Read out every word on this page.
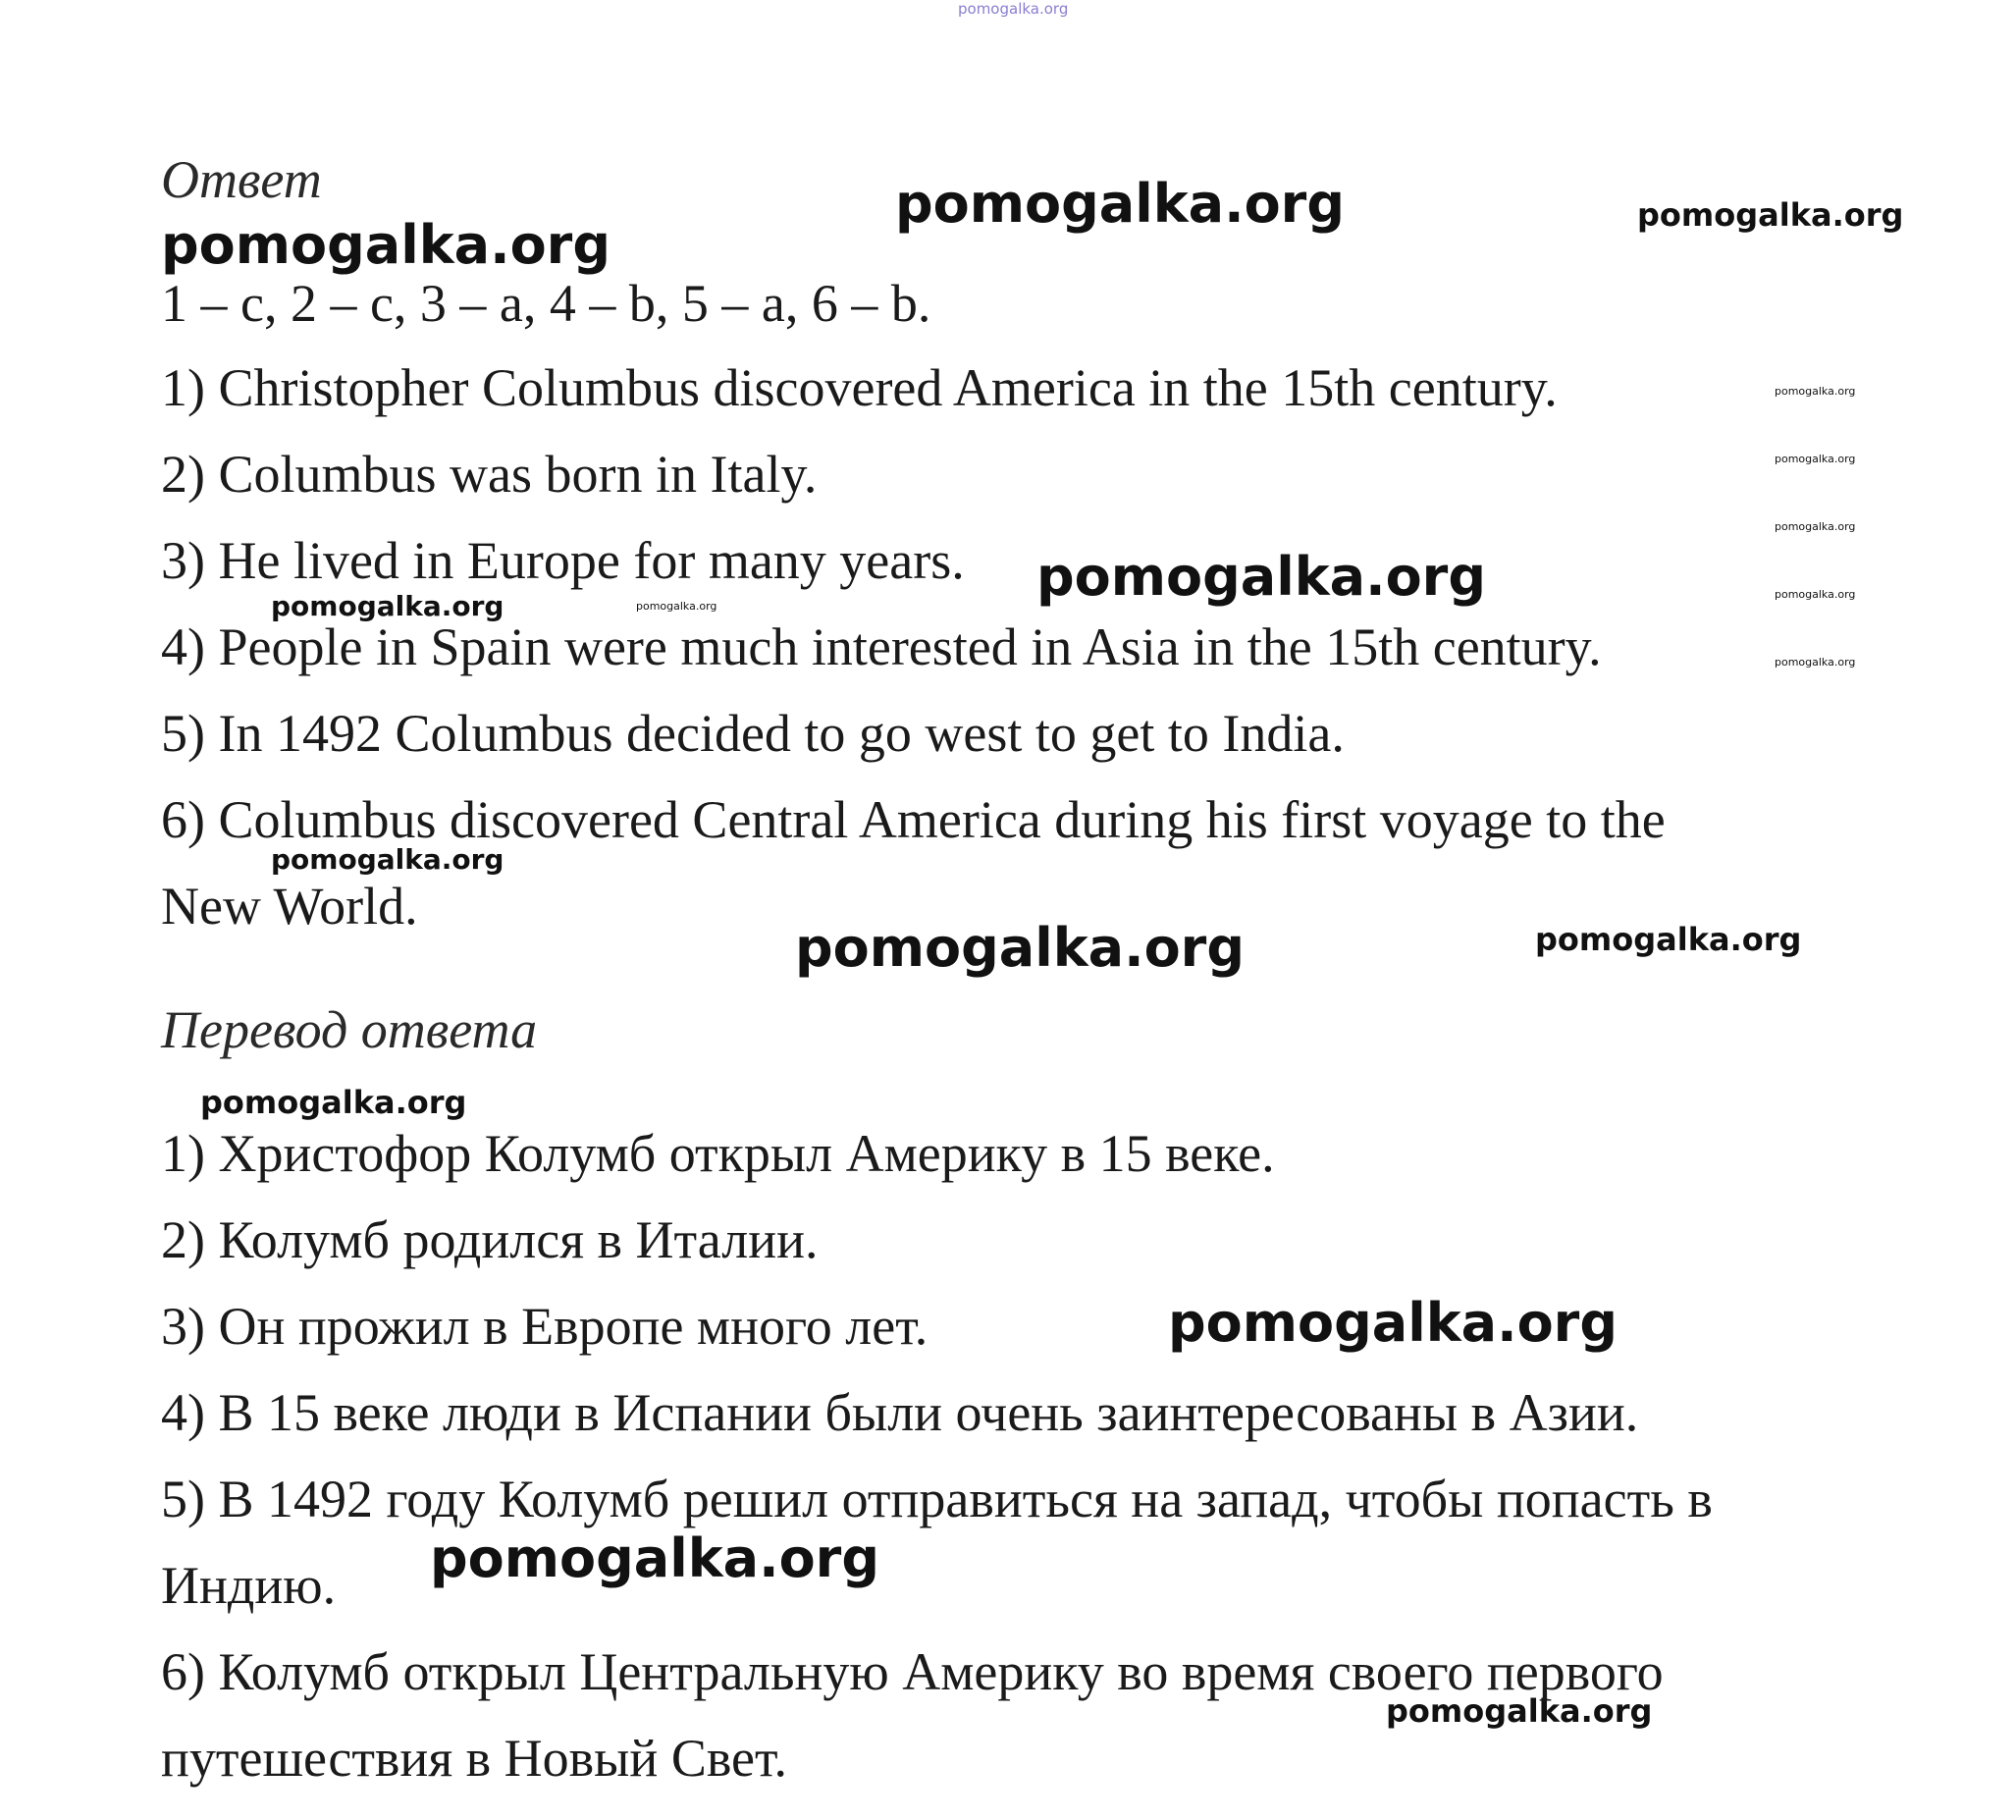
pomogalka.org
pomogalka.org	pomogalka.org
pomogalka.org
pomogalka.org
pomogalka.org
pomogalka.org
pomogalka.org
pomogalka.org	pomogalka.org
pomogalka.org
pomogalka.org
pomogalka.org
pomogalka.org	pomogalka.org
pomogalka.org
pomogalka.org
pomogalka.org
pomogalka.org
Ответ
1 – c, 2 – c, 3 – a, 4 – b, 5 – a, 6 – b.
1) Christopher Columbus discovered America in the 15th century.
2) Columbus was born in Italy.
3) He lived in Europe for many years.
4) People in Spain were much interested in Asia in the 15th century.
5) In 1492 Columbus decided to go west to get to India.
6) Columbus discovered Central America during his first voyage to the
New World.
Перевод ответа
1) Христофор Колумб открыл Америку в 15 веке.
2) Колумб родился в Италии.
3) Он прожил в Европе много лет.
4) В 15 веке люди в Испании были очень заинтересованы в Азии.
5) В 1492 году Колумб решил отправиться на запад, чтобы попасть в
Индию.
6) Колумб открыл Центральную Америку во время своего первого
путешествия в Новый Свет.
